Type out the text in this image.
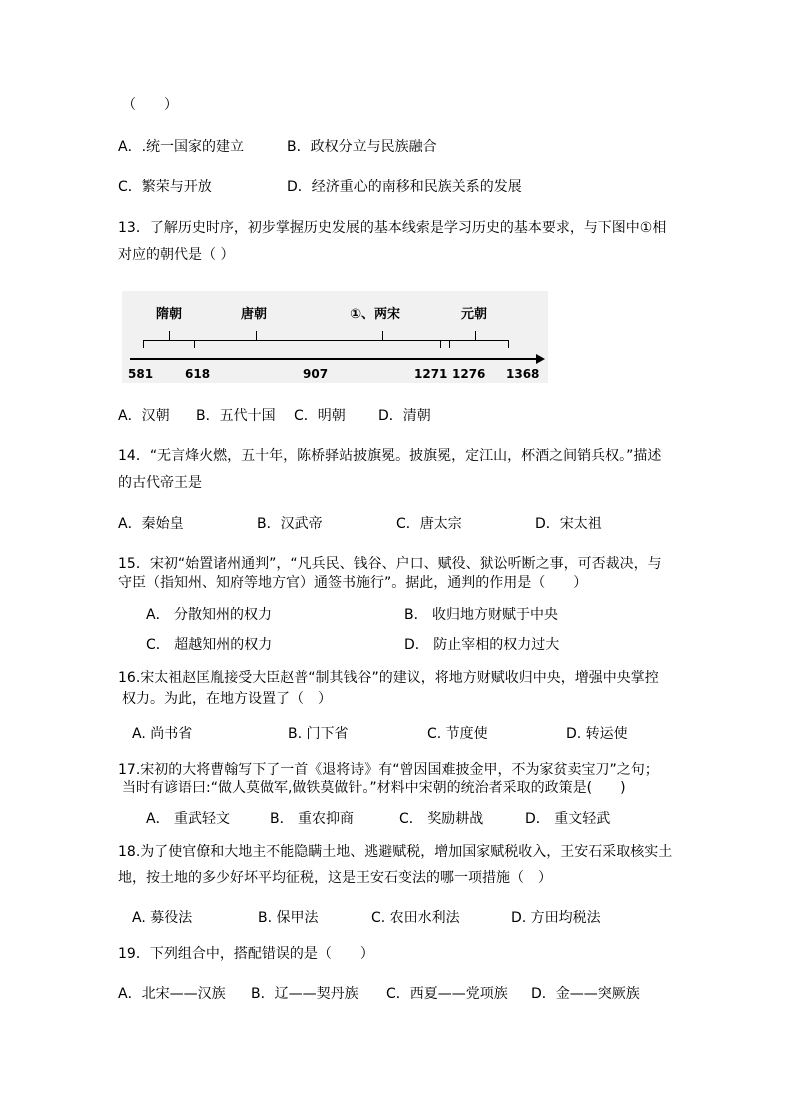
（　　）
A．.统一国家的建立	B．政权分立与民族融合
C．繁荣与开放	D．经济重心的南移和民族关系的发展
13．了解历史时序，初步掌握历史发展的基本线索是学习历史的基本要求，与下图中①相
对应的朝代是（ ）
隋朝	唐朝	①、两宋	元朝
581	618	907	1271 1276 1368
A．汉朝 B．五代十国 C．明朝 D．清朝
14．“无言烽火燃，五十年，陈桥驿站披旗冕。披旗冕，定江山，杯酒之间销兵权。”描述
的古代帝王是
A．秦始皇	B．汉武帝	C．唐太宗	D．宋太祖
15．宋初“始置诸州通判”，“凡兵民、钱谷、户口、赋役、狱讼听断之事，可否裁决，与
守臣（指知州、知府等地方官）通签书施行”。据此，通判的作用是（　　）
A． 分散知州的权力	B． 收归地方财赋于中央
C． 超越知州的权力	D． 防止宰相的权力过大
16.宋太祖赵匡胤接受大臣赵普“制其钱谷”的建议，将地方财赋收归中央，增强中央掌控
权力。为此，在地方设置了（　）
A. 尚书省	B. 门下省	C. 节度使	D. 转运使
17.宋初的大将曹翰写下了一首《退将诗》有“曾因国难披金甲，不为家贫卖宝刀”之句；
当时有谚语曰:“做人莫做军,做铁莫做针。”材料中宋朝的统治者采取的政策是(　　)
A． 重武轻文	B． 重农抑商	C． 奖励耕战	D． 重文轻武
18.为了使官僚和大地主不能隐瞒土地、逃避赋税，增加国家赋税收入，王安石采取核实土
地，按土地的多少好坏平均征税，这是王安石变法的哪一项措施（　）
A. 募役法	B. 保甲法	C. 农田水利法	D. 方田均税法
19．下列组合中，搭配错误的是（　　）
A．北宋——汉族 B．辽——契丹族 C．西夏——党项族 D．金——突厥族
